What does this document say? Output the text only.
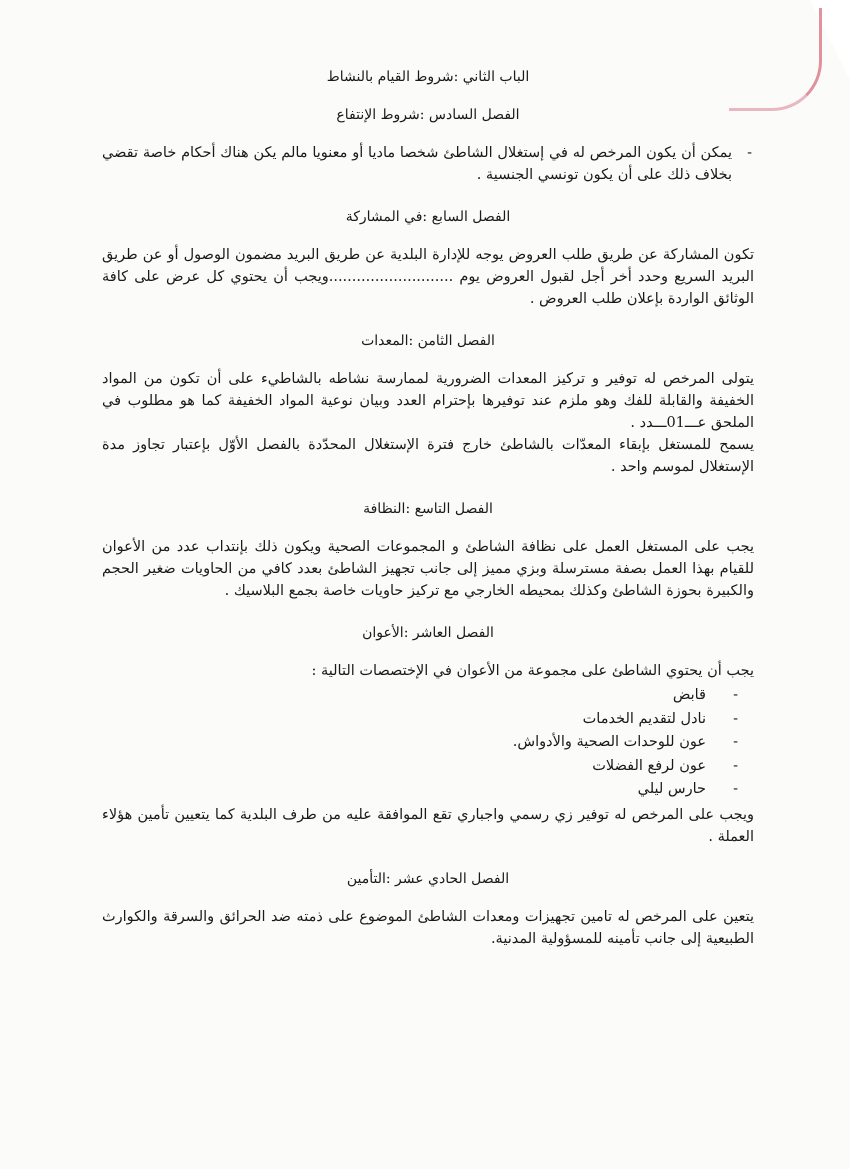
الباب الثاني :شروط القيام بالنشاط

الفصل السادس :شروط الإنتفاع

- يمكن أن يكون المرخص له في إستغلال الشاطئ شخصا ماديا أو معنويا مالم يكن هناك أحكام خاصة تقضي بخلاف ذلك على أن يكون تونسي الجنسية .

الفصل السابع :في المشاركة

تكون المشاركة عن طريق طلب العروض يوجه للإدارة البلدية عن طريق البريد مضمون الوصول أو عن طريق البريد السريع وحدد أخر أجل لقبول العروض يوم ...........................ويجب أن يحتوي كل عرض على كافة الوثائق الواردة بإعلان طلب العروض .

الفصل الثامن :المعدات

يتولى المرخص له توفير و تركيز المعدات الضرورية لممارسة نشاطه بالشاطيء على أن تكون من المواد الخفيفة والقابلة للفك وهو ملزم عند توفيرها بإحترام العدد وبيان نوعية المواد الخفيفة كما هو مطلوب في الملحق عـــ01ـــدد .

يسمح للمستغل بإبقاء المعدّات بالشاطئ خارج فترة الإستغلال المحدّدة بالفصل الأوّل بإعتبار تجاوز مدة الإستغلال لموسم واحد .

الفصل التاسع :النظافة

يجب على المستغل العمل على نظافة الشاطئ و المجموعات الصحية ويكون ذلك بإنتداب عدد من الأعوان للقيام بهذا العمل بصفة مسترسلة وبزي مميز إلى جانب تجهيز الشاطئ بعدد كافي من الحاويات ضغير الحجم والكبيرة بحوزة الشاطئ وكذلك بمحيطه الخارجي مع تركيز حاويات خاصة بجمع البلاسيك .

الفصل العاشر :الأعوان

يجب أن يحتوي الشاطئ على مجموعة من الأعوان في الإختصصات التالية :

- قابض
- نادل لتقديم الخدمات
- عون للوحدات الصحية والأدواش.
- عون لرفع الفضلات
- حارس ليلي

ويجب على المرخص له توفير زي رسمي واجباري تقع الموافقة عليه من طرف البلدية كما يتعيين تأمين هؤلاء العملة .

الفصل الحادي عشر :التأمين

يتعين على المرخص له تامين تجهيزات ومعدات الشاطئ الموضوع على ذمته ضد الحرائق والسرقة والكوارث الطبيعية إلى جانب تأمينه للمسؤولية المدنية.
